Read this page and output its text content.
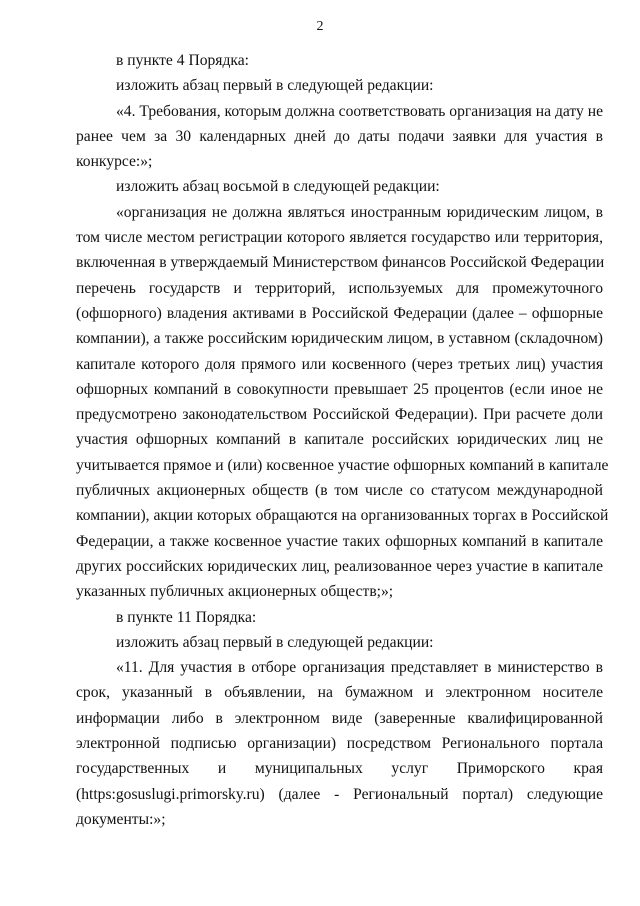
2
в пункте 4 Порядка:
изложить абзац первый в следующей редакции:
«4. Требования, которым должна соответствовать организация на дату не
ранее чем за 30 календарных дней до даты подачи заявки для участия в
конкурсе:»;
изложить абзац восьмой в следующей редакции:
«организация не должна являться иностранным юридическим лицом, в
том числе местом регистрации которого является государство или территория,
включенная в утверждаемый Министерством финансов Российской Федерации
перечень государств и территорий, используемых для промежуточного
(офшорного) владения активами в Российской Федерации (далее – офшорные
компании), а также российским юридическим лицом, в уставном (складочном)
капитале которого доля прямого или косвенного (через третьих лиц) участия
офшорных компаний в совокупности превышает 25 процентов (если иное не
предусмотрено законодательством Российской Федерации). При расчете доли
участия офшорных компаний в капитале российских юридических лиц не
учитывается прямое и (или) косвенное участие офшорных компаний в капитале
публичных акционерных обществ (в том числе со статусом международной
компании), акции которых обращаются на организованных торгах в Российской
Федерации, а также косвенное участие таких офшорных компаний в капитале
других российских юридических лиц, реализованное через участие в капитале
указанных публичных акционерных обществ;»;
в пункте 11 Порядка:
изложить абзац первый в следующей редакции:
«11. Для участия в отборе организация представляет в министерство в
срок, указанный в объявлении, на бумажном и электронном носителе
информации либо в электронном виде (заверенные квалифицированной
электронной подписью организации) посредством Регионального портала
государственных и муниципальных услуг Приморского края
(https:gosuslugi.primorsky.ru) (далее - Региональный портал) следующие
документы:»;
